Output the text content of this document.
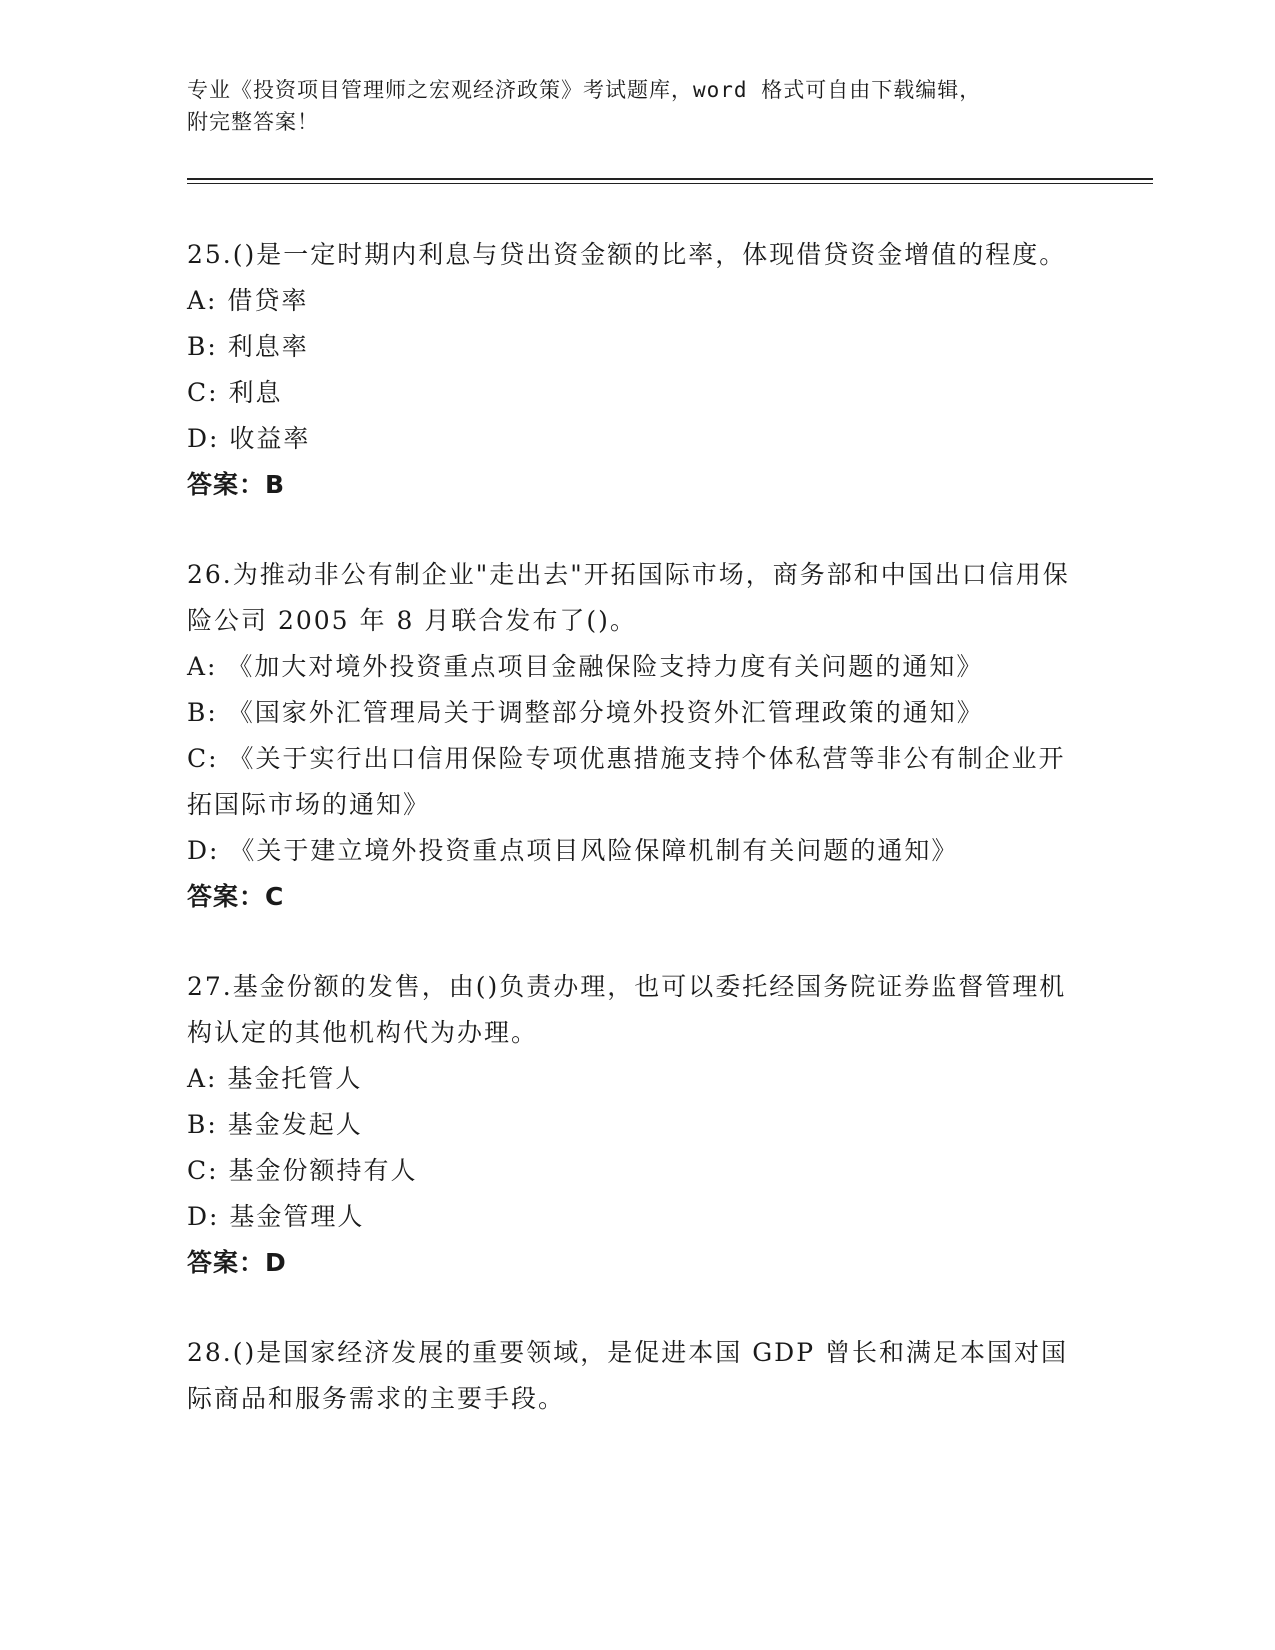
专业《投资项目管理师之宏观经济政策》考试题库，word 格式可自由下载编辑，
附完整答案！

25.()是一定时期内利息与贷出资金额的比率，体现借贷资金增值的程度。

A: 借贷率

B: 利息率

C: 利息

D: 收益率

答案：B

26.为推动非公有制企业"走出去"开拓国际市场，商务部和中国出口信用保险公司 2005 年 8 月联合发布了()。

A: 《加大对境外投资重点项目金融保险支持力度有关问题的通知》

B: 《国家外汇管理局关于调整部分境外投资外汇管理政策的通知》

C: 《关于实行出口信用保险专项优惠措施支持个体私营等非公有制企业开拓国际市场的通知》

D: 《关于建立境外投资重点项目风险保障机制有关问题的通知》

答案：C

27.基金份额的发售，由()负责办理，也可以委托经国务院证券监督管理机构认定的其他机构代为办理。

A: 基金托管人

B: 基金发起人

C: 基金份额持有人

D: 基金管理人

答案：D

28.()是国家经济发展的重要领域，是促进本国 GDP 曾长和满足本国对国际商品和服务需求的主要手段。
